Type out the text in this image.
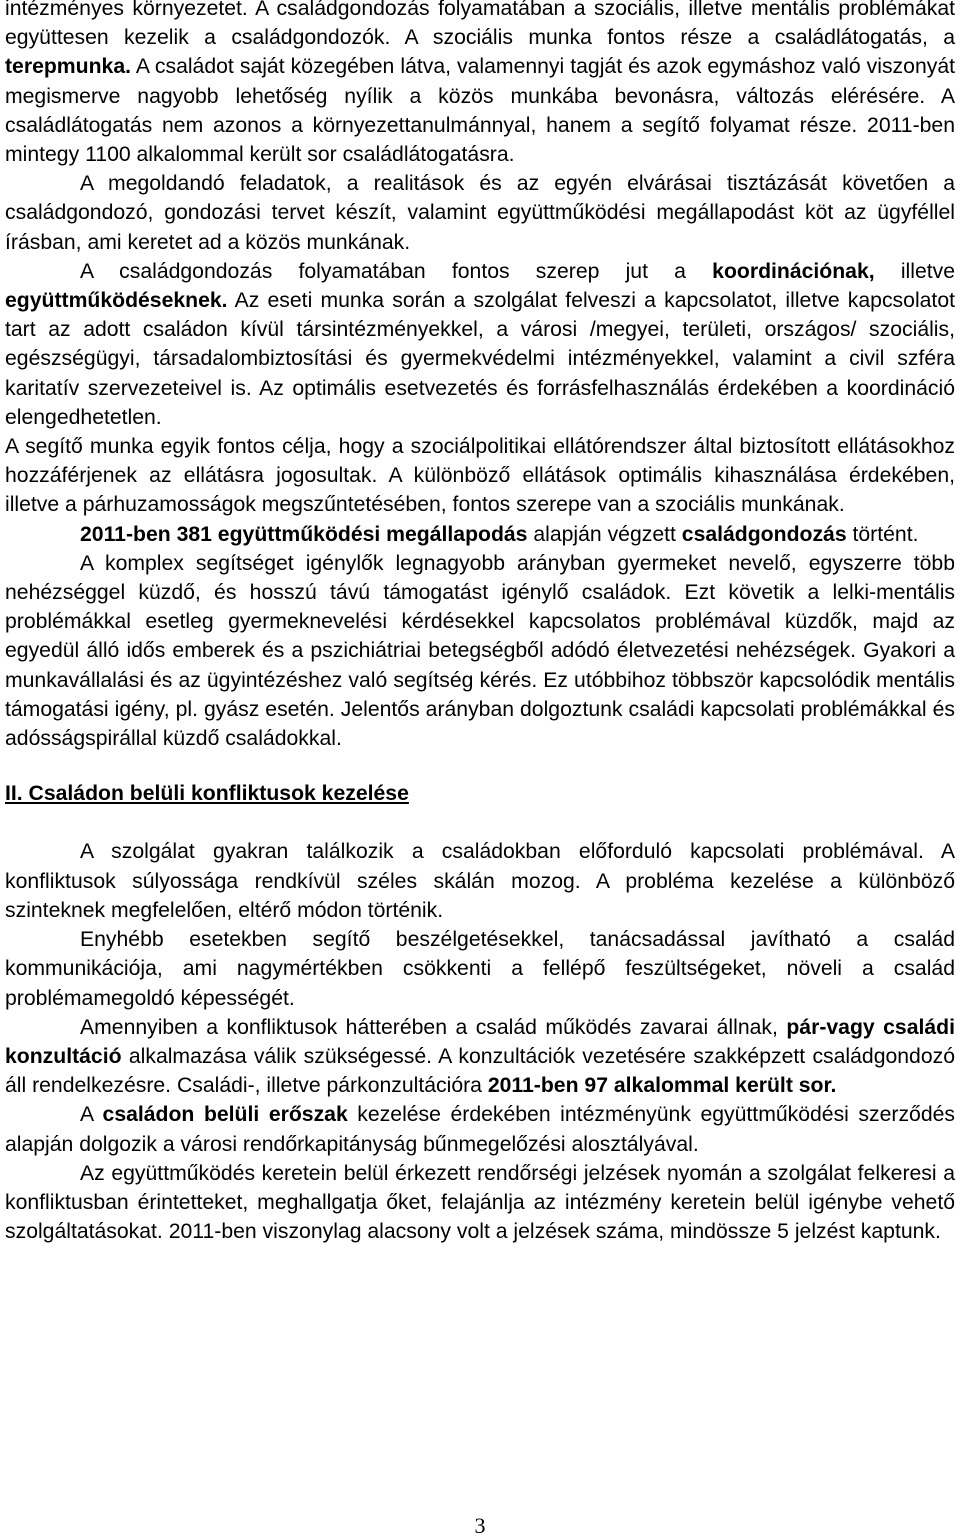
intézményes környezetet. A családgondozás folyamatában a szociális, illetve mentális problémákat együttesen kezelik a családgondozók. A szociális munka fontos része a családlátogatás, a terepmunka. A családot saját közegében látva, valamennyi tagját és azok egymáshoz való viszonyát megismerve nagyobb lehetőség nyílik a közös munkába bevonásra, változás elérésére. A családlátogatás nem azonos a környezettanulmánnyal, hanem a segítő folyamat része. 2011-ben mintegy 1100 alkalommal került sor családlátogatásra.

A megoldandó feladatok, a realitások és az egyén elvárásai tisztázását követően a családgondozó, gondozási tervet készít, valamint együttműködési megállapodást köt az ügyféllel írásban, ami keretet ad a közös munkának.

A családgondozás folyamatában fontos szerep jut a koordinációnak, illetve együttműködéseknek. Az eseti munka során a szolgálat felveszi a kapcsolatot, illetve kapcsolatot tart az adott családon kívül társintézményekkel, a városi /megyei, területi, országos/ szociális, egészségügyi, társadalombiztosítási és gyermekvédelmi intézményekkel, valamint a civil szféra karitatív szervezeteivel is. Az optimális esetvezetés és forrásfelhasználás érdekében a koordináció elengedhetetlen.

A segítő munka egyik fontos célja, hogy a szociálpolitikai ellátórendszer által biztosított ellátásokhoz hozzáférjenek az ellátásra jogosultak. A különböző ellátások optimális kihasználása érdekében, illetve a párhuzamosságok megszűntetésében, fontos szerepe van a szociális munkának.

2011-ben 381 együttműködési megállapodás alapján végzett családgondozás történt.

A komplex segítséget igénylők legnagyobb arányban gyermeket nevelő, egyszerre több nehézséggel küzdő, és hosszú távú támogatást igénylő családok. Ezt követik a lelki-mentális problémákkal esetleg gyermeknevelési kérdésekkel kapcsolatos problémával küzdők, majd az egyedül álló idős emberek és a pszichiátriai betegségből adódó életvezetési nehézségek. Gyakori a munkavállalási és az ügyintézéshez való segítség kérés. Ez utóbbihoz többször kapcsolódik mentális támogatási igény, pl. gyász esetén. Jelentős arányban dolgoztunk családi kapcsolati problémákkal és adósságspirállal küzdő családokkal.

II. Családon belüli konfliktusok kezelése

A szolgálat gyakran találkozik a családokban előforduló kapcsolati problémával. A konfliktusok súlyossága rendkívül széles skálán mozog. A probléma kezelése a különböző szinteknek megfelelően, eltérő módon történik.

Enyhébb esetekben segítő beszélgetésekkel, tanácsadással javítható a család kommunikációja, ami nagymértékben csökkenti a fellépő feszültségeket, növeli a család problémamegoldó képességét.

Amennyiben a konfliktusok hátterében a család működés zavarai állnak, pár-vagy családi konzultáció alkalmazása válik szükségessé. A konzultációk vezetésére szakképzett családgondozó áll rendelkezésre. Családi-, illetve párkonzultációra 2011-ben 97 alkalommal került sor.

A családon belüli erőszak kezelése érdekében intézményünk együttműködési szerződés alapján dolgozik a városi rendőrkapitányság bűnmegelőzési alosztályával.

Az együttműködés keretein belül érkezett rendőrségi jelzések nyomán a szolgálat felkeresi a konfliktusban érintetteket, meghallgatja őket, felajánlja az intézmény keretein belül igénybe vehető szolgáltatásokat. 2011-ben viszonylag alacsony volt a jelzések száma, mindössze 5 jelzést kaptunk.

3
